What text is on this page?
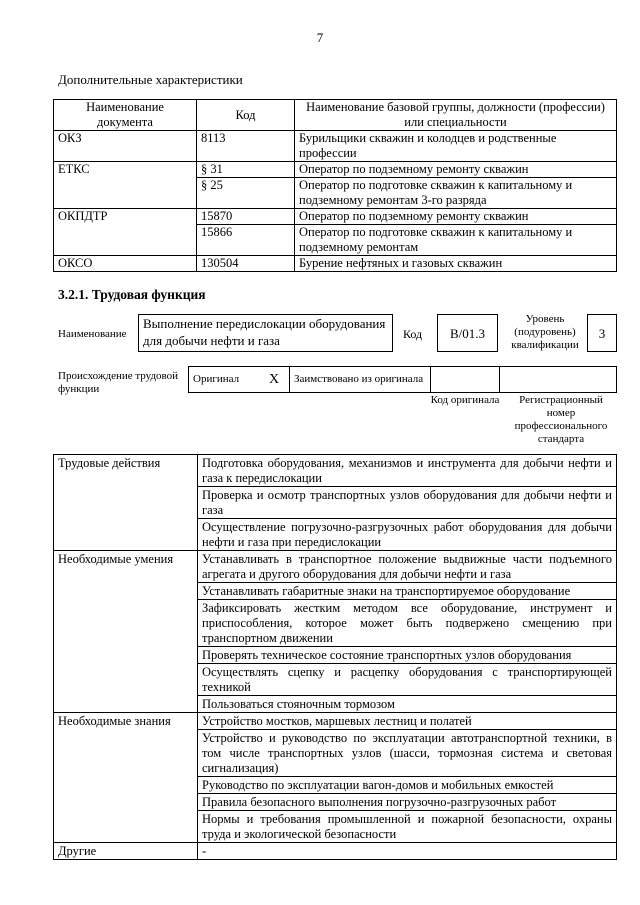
7
Дополнительные характеристики
Наименование документа	Код	Наименование базовой группы, должности (профессии) или специальности
ОКЗ	8113	Бурильщики скважин и колодцев и родственные профессии
ЕТКС	§ 31	Оператор по подземному ремонту скважин
	§ 25	Оператор по подготовке скважин к капитальному и подземному ремонтам 3-го разряда
ОКПДТР	15870	Оператор по подземному ремонту скважин
	15866	Оператор по подготовке скважин к капитальному и подземному ремонтам
ОКСО	130504	Бурение нефтяных и газовых скважин
3.2.1. Трудовая функция
Наименование
Выполнение передислокации оборудования для добычи нефти и газа	Код	B/01.3
Уровень (подуровень) квалификации
3
Происхождение трудовой функции
Оригинал	X	Заимствовано из оригинала		
Код оригинала	Регистрационный номер профессионального стандарта
Трудовые действия	Подготовка оборудования, механизмов и инструмента для добычи нефти и газа к передислокации
	Проверка и осмотр транспортных узлов оборудования для добычи нефти и газа
	Осуществление погрузочно-разгрузочных работ оборудования для добычи нефти и газа при передислокации
Необходимые умения	Устанавливать в транспортное положение выдвижные части подъемного агрегата и другого оборудования для добычи нефти и газа
	Устанавливать габаритные знаки на транспортируемое оборудование
	Зафиксировать жестким методом все оборудование, инструмент и приспособления, которое может быть подвержено смещению при транспортном движении
	Проверять техническое состояние транспортных узлов оборудования
	Осуществлять сцепку и расцепку оборудования с транспортирующей техникой
	Пользоваться стояночным тормозом
Необходимые знания	Устройство мостков, маршевых лестниц и полатей
	Устройство и руководство по эксплуатации автотранспортной техники, в том числе транспортных узлов (шасси, тормозная система и световая сигнализация)
	Руководство по эксплуатации вагон-домов и мобильных емкостей
	Правила безопасного выполнения погрузочно-разгрузочных работ
	Нормы и требования промышленной и пожарной безопасности, охраны труда и экологической безопасности
Другие	-
